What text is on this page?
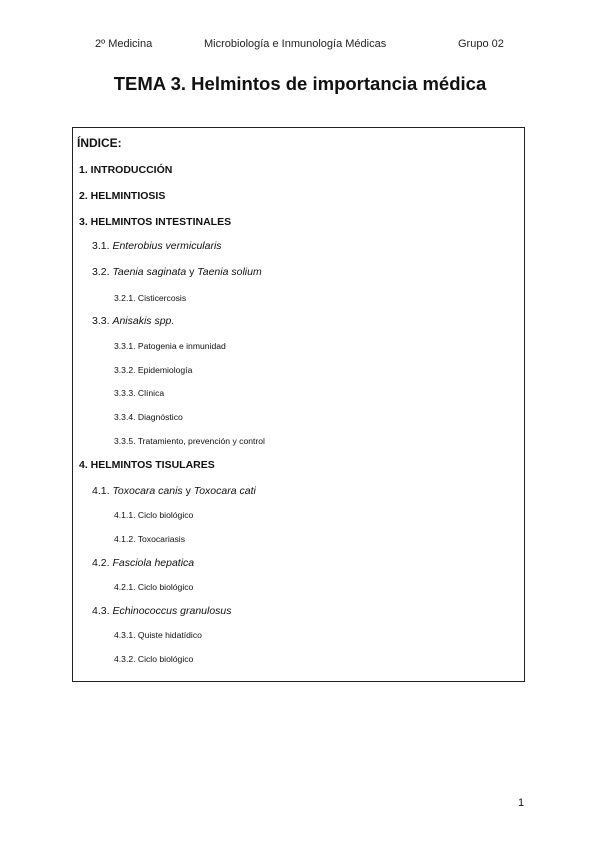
2º Medicina	Microbiología e Inmunología Médicas	Grupo 02
TEMA 3. Helmintos de importancia médica
ÍNDICE:
1. INTRODUCCIÓN
2. HELMINTIOSIS
3. HELMINTOS INTESTINALES
3.1. Enterobius vermicularis
3.2. Taenia saginata y Taenia solium
3.2.1. Cisticercosis
3.3. Anisakis spp.
3.3.1. Patogenia e inmunidad
3.3.2. Epidemiología
3.3.3. Clínica
3.3.4. Diagnóstico
3.3.5. Tratamiento, prevención y control
4. HELMINTOS TISULARES
4.1. Toxocara canis y Toxocara cati
4.1.1. Ciclo biológico
4.1.2. Toxocariasis
4.2. Fasciola hepatica
4.2.1. Ciclo biológico
4.3. Echinococcus granulosus
4.3.1. Quiste hidatídico
4.3.2. Ciclo biológico
1
